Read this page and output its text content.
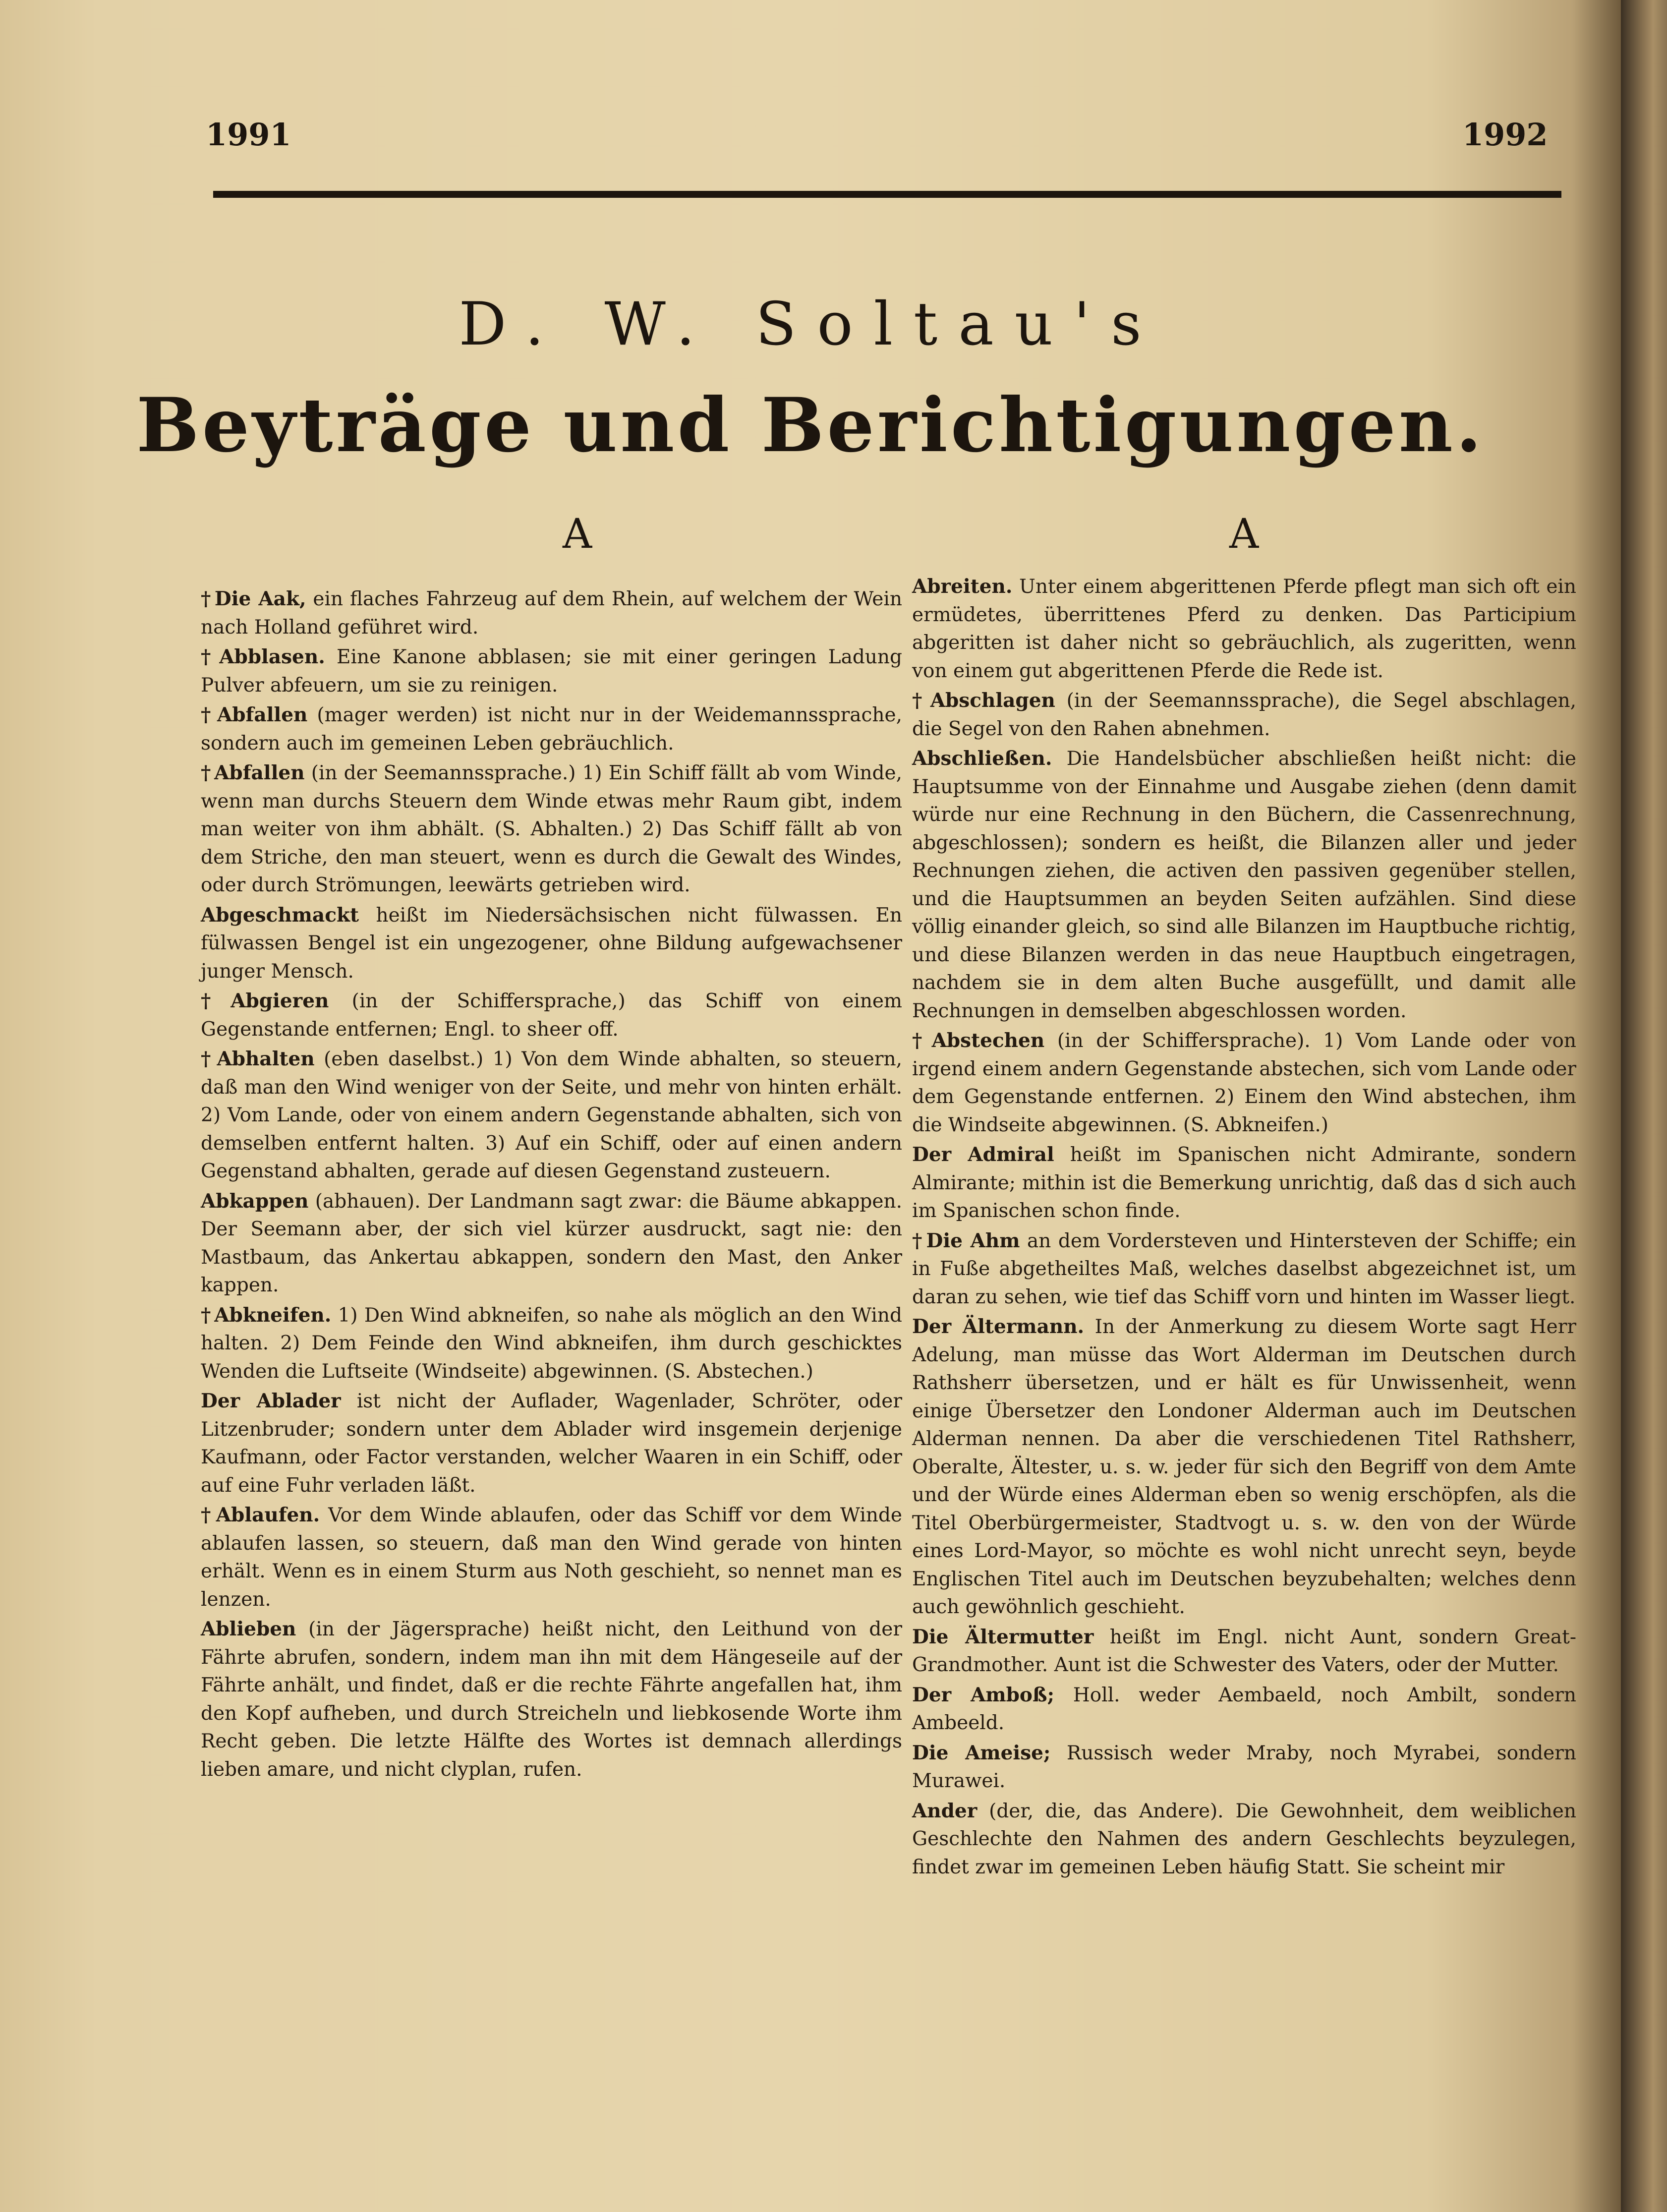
1991	1992
D. W. Soltau's
Beyträge und Berichtigungen.
A	A

† Die Aak, ein flaches Fahrzeug auf dem Rhein, auf welchem der Wein nach Holland geführet wird.

† Abblasen. Eine Kanone abblasen; sie mit einer geringen Ladung Pulver abfeuern, um sie zu reinigen.

† Abfallen (mager werden) ist nicht nur in der Weidemannssprache, sondern auch im gemeinen Leben gebräuchlich.

† Abfallen (in der Seemannssprache.) 1) Ein Schiff fällt ab vom Winde, wenn man durchs Steuern dem Winde etwas mehr Raum gibt, indem man weiter von ihm abhält. (S. Abhalten.) 2) Das Schiff fällt ab von dem Striche, den man steuert, wenn es durch die Gewalt des Windes, oder durch Strömungen, leewärts getrieben wird.

Abgeschmackt heißt im Niedersächsischen nicht fülwassen. En fülwassen Bengel ist ein ungezogener, ohne Bildung aufgewachsener junger Mensch.

† Abgieren (in der Schiffersprache,) das Schiff von einem Gegenstande entfernen; Engl. to sheer off.

† Abhalten (eben daselbst.) 1) Von dem Winde abhalten, so steuern, daß man den Wind weniger von der Seite, und mehr von hinten erhält. 2) Vom Lande, oder von einem andern Gegenstande abhalten, sich von demselben entfernt halten. 3) Auf ein Schiff, oder auf einen andern Gegenstand abhalten, gerade auf diesen Gegenstand zusteuern.

Abkappen (abhauen). Der Landmann sagt zwar: die Bäume abkappen. Der Seemann aber, der sich viel kürzer ausdruckt, sagt nie: den Mastbaum, das Ankertau abkappen, sondern den Mast, den Anker kappen.

† Abkneifen. 1) Den Wind abkneifen, so nahe als möglich an den Wind halten. 2) Dem Feinde den Wind abkneifen, ihm durch geschicktes Wenden die Luftseite (Windseite) abgewinnen. (S. Abstechen.)

Der Ablader ist nicht der Auflader, Wagenlader, Schröter, oder Litzenbruder; sondern unter dem Ablader wird insgemein derjenige Kaufmann, oder Factor verstanden, welcher Waaren in ein Schiff, oder auf eine Fuhr verladen läßt.

† Ablaufen. Vor dem Winde ablaufen, oder das Schiff vor dem Winde ablaufen lassen, so steuern, daß man den Wind gerade von hinten erhält. Wenn es in einem Sturm aus Noth geschieht, so nennet man es lenzen.

Ablieben (in der Jägersprache) heißt nicht, den Leithund von der Fährte abrufen, sondern, indem man ihn mit dem Hängeseile auf der Fährte anhält, und findet, daß er die rechte Fährte angefallen hat, ihm den Kopf aufheben, und durch Streicheln und liebkosende Worte ihm Recht geben. Die letzte Hälfte des Wortes ist demnach allerdings lieben amare, und nicht clyplan, rufen.

Abreiten. Unter einem abgerittenen Pferde pflegt man sich oft ein ermüdetes, überrittenes Pferd zu denken. Das Participium abgeritten ist daher nicht so gebräuchlich, als zugeritten, wenn von einem gut abgerittenen Pferde die Rede ist.

† Abschlagen (in der Seemannssprache), die Segel abschlagen, die Segel von den Rahen abnehmen.

Abschließen. Die Handelsbücher abschließen heißt nicht: die Hauptsumme von der Einnahme und Ausgabe ziehen (denn damit würde nur eine Rechnung in den Büchern, die Cassenrechnung, abgeschlossen); sondern es heißt, die Bilanzen aller und jeder Rechnungen ziehen, die activen den passiven gegenüber stellen, und die Hauptsummen an beyden Seiten aufzählen. Sind diese völlig einander gleich, so sind alle Bilanzen im Hauptbuche richtig, und diese Bilanzen werden in das neue Hauptbuch eingetragen, nachdem sie in dem alten Buche ausgefüllt, und damit alle Rechnungen in demselben abgeschlossen worden.

† Abstechen (in der Schiffersprache). 1) Vom Lande oder von irgend einem andern Gegenstande abstechen, sich vom Lande oder dem Gegenstande entfernen. 2) Einem den Wind abstechen, ihm die Windseite abgewinnen. (S. Abkneifen.)

Der Admiral heißt im Spanischen nicht Admirante, sondern Almirante; mithin ist die Bemerkung unrichtig, daß das d sich auch im Spanischen schon finde.

† Die Ahm an dem Vordersteven und Hintersteven der Schiffe; ein in Fuße abgetheiltes Maß, welches daselbst abgezeichnet ist, um daran zu sehen, wie tief das Schiff vorn und hinten im Wasser liegt.

Der Ältermann. In der Anmerkung zu diesem Worte sagt Herr Adelung, man müsse das Wort Alderman im Deutschen durch Rathsherr übersetzen, und er hält es für Unwissenheit, wenn einige Übersetzer den Londoner Alderman auch im Deutschen Alderman nennen. Da aber die verschiedenen Titel Rathsherr, Oberalte, Ältester, u. s. w. jeder für sich den Begriff von dem Amte und der Würde eines Alderman eben so wenig erschöpfen, als die Titel Oberbürgermeister, Stadtvogt u. s. w. den von der Würde eines Lord-Mayor, so möchte es wohl nicht unrecht seyn, beyde Englischen Titel auch im Deutschen beyzubehalten; welches denn auch gewöhnlich geschieht.

Die Ältermutter heißt im Engl. nicht Aunt, sondern Great-Grandmother. Aunt ist die Schwester des Vaters, oder der Mutter.

Der Amboß; Holl. weder Aembaeld, noch Ambilt, sondern Ambeeld.

Die Ameise; Russisch weder Mraby, noch Myrabei, sondern Murawei.

Ander (der, die, das Andere). Die Gewohnheit, dem weiblichen Geschlechte den Nahmen des andern Geschlechts beyzulegen, findet zwar im gemeinen Leben häufig Statt. Sie scheint mir
